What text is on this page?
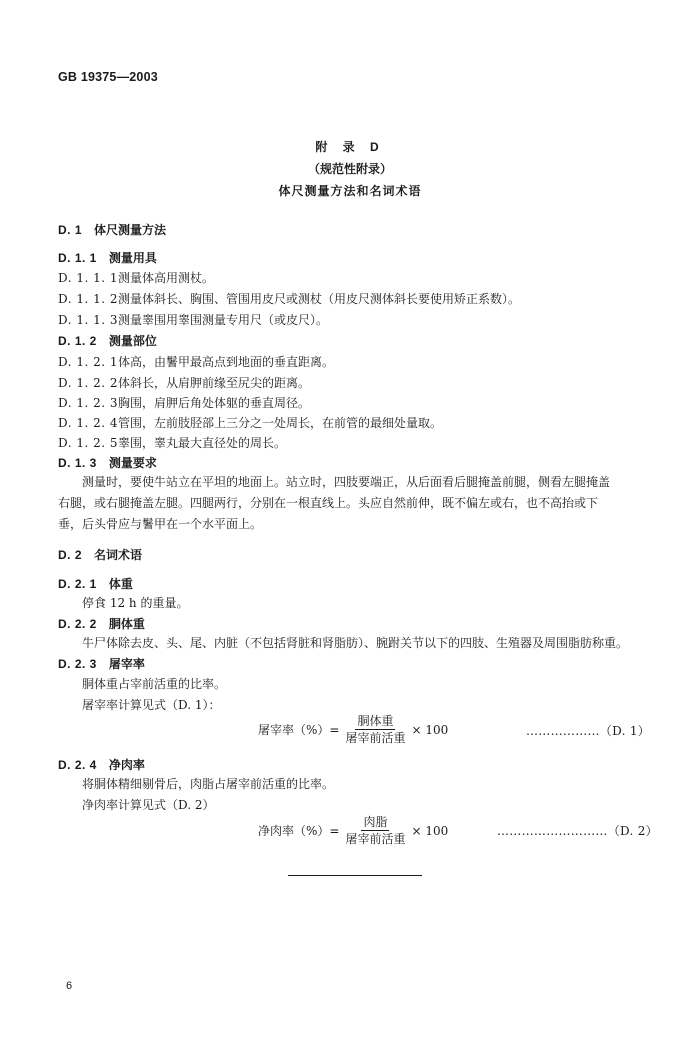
GB 19375—2003
附 录 D
（规范性附录）
体尺测量方法和名词术语
D. 1 体尺测量方法
D. 1. 1 测量用具
D. 1. 1. 1测量体高用测杖。
D. 1. 1. 2测量体斜长、胸围、管围用皮尺或测杖（用皮尺测体斜长要使用矫正系数）。
D. 1. 1. 3测量睾围用睾围测量专用尺（或皮尺）。
D. 1. 2 测量部位
D. 1. 2. 1体高，由鬐甲最高点到地面的垂直距离。
D. 1. 2. 2体斜长，从肩胛前缘至尻尖的距离。
D. 1. 2. 3胸围，肩胛后角处体躯的垂直周径。
D. 1. 2. 4管围，左前肢胫部上三分之一处周长，在前管的最细处量取。
D. 1. 2. 5睾围，睾丸最大直径处的周长。
D. 1. 3 测量要求
测量时，要使牛站立在平坦的地面上。站立时，四肢要端正，从后面看后腿掩盖前腿，侧看左腿掩盖
右腿，或右腿掩盖左腿。四腿两行，分别在一根直线上。头应自然前伸，既不偏左或右，也不高抬或下
垂，后头骨应与鬐甲在一个水平面上。
D. 2 名词术语
D. 2. 1 体重
停食 12 h 的重量。
D. 2. 2 胴体重
牛尸体除去皮、头、尾、内脏（不包括肾脏和肾脂肪）、腕跗关节以下的四肢、生殖器及周围脂肪称重。
D. 2. 3 屠宰率
胴体重占宰前活重的比率。
屠宰率计算见式（D. 1）：
屠宰率（%）= $\frac{\text{胴体重}}{\text{屠宰前活重}} \times 100$	………………（D. 1）
D. 2. 4 净肉率
将胴体精细剔骨后，肉脂占屠宰前活重的比率。
净肉率计算见式（D. 2）
净肉率（%）= $\frac{\text{肉脂}}{\text{屠宰前活重}} \times 100$	………………………（D. 2）
6
